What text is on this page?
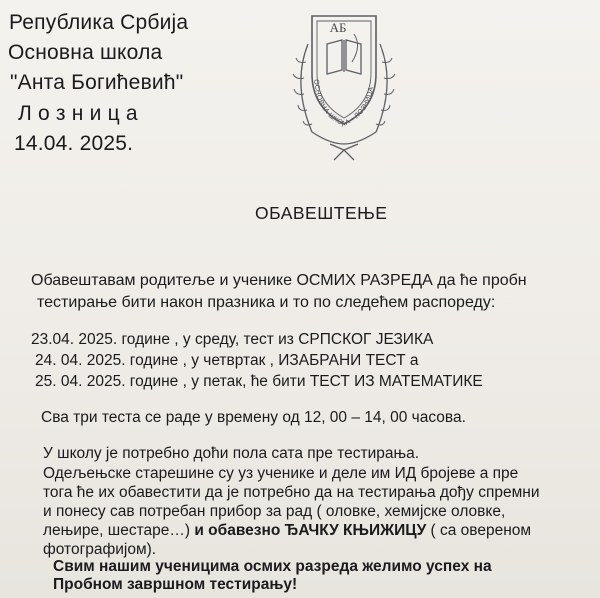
Република Србија
Основна школа
"Анта Богићевић"
Л о з н и ц а
14.04. 2025.
АБ
ОСНОВНА ШКОЛА • ЛОЗНИЦА
ОБАВЕШТЕЊЕ
Обавештавам родитеље и ученике ОСМИХ РАЗРЕДА да ће пробн
тестирање бити након празника и то по следећем распореду:
23.04. 2025. године , у среду, тест из СРПСКОГ ЈЕЗИКА
24. 04. 2025. године , у четвртак , ИЗАБРАНИ ТЕСТ а
25. 04. 2025. године , у петак, ће бити ТЕСТ ИЗ МАТЕМАТИКЕ
Сва три теста се раде у времену од 12, 00 – 14, 00 часова.
У школу је потребно доћи пола сата пре тестирања.
Одељењске старешине су уз ученике и деле им ИД бројеве а пре
тога ће их обавестити да је потребно да на тестирања дођу спремни
и понесу сав потребан прибор за рад ( оловке, хемијске оловке,
лењире, шестаре…) и обавезно ЂАЧКУ КЊИЖИЦУ ( са овереном
фотографијом).
Свим нашим ученицима осмих разреда желимо успех на
Пробном завршном тестирању!
